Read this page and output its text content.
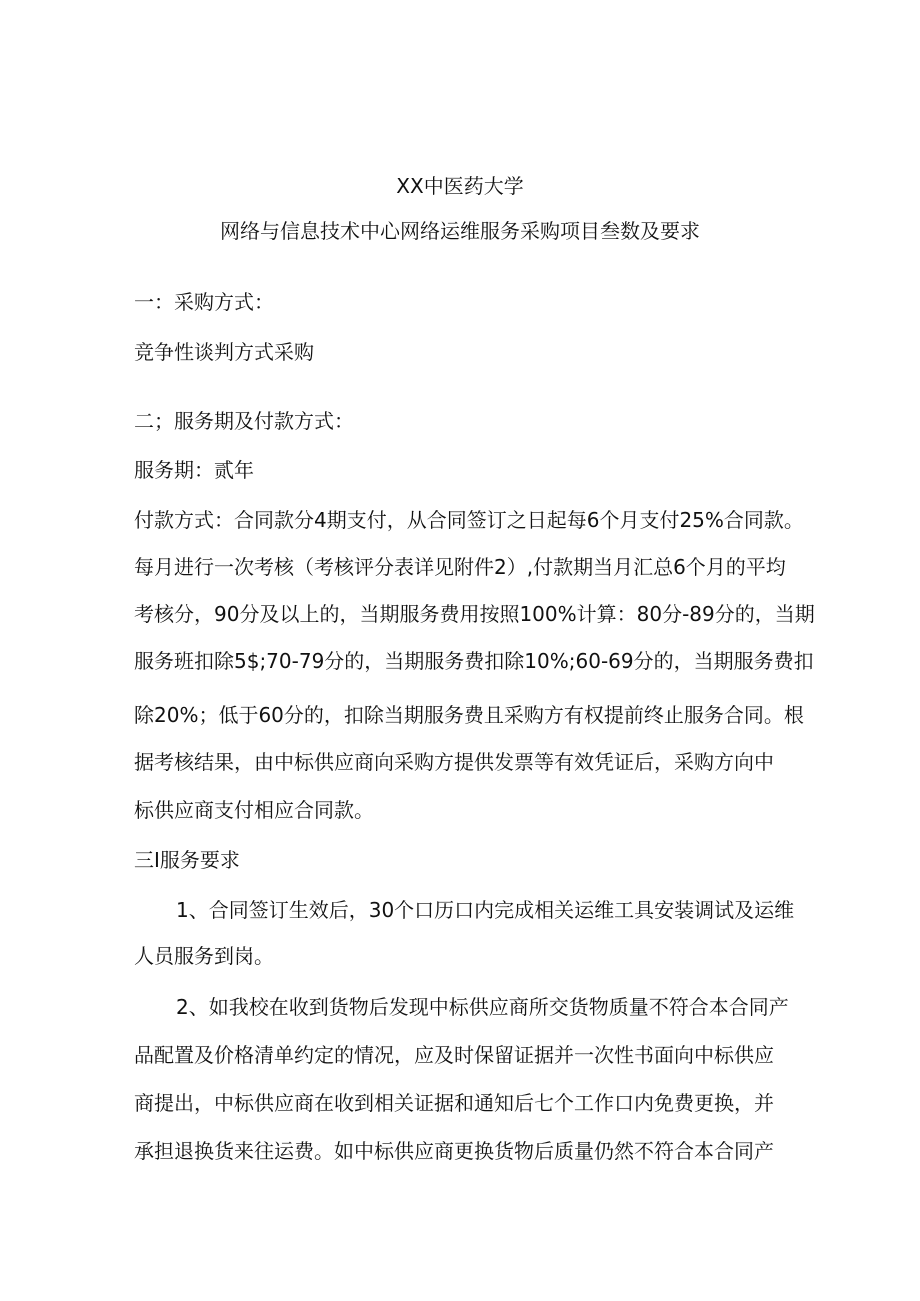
XX中医药大学
网络与信息技术中心网络运维服务采购项目叁数及要求
一：采购方式：
竞争性谈判方式采购
二；服务期及付款方式：
服务期：贰年
付款方式：合同款分4期支付，从合同签订之日起每6个月支付25%合同款。
每月进行一次考核（考核评分表详见附件2）,付款期当月汇总6个月的平均
考核分，90分及以上的，当期服务费用按照100%计算：80分-89分的，当期
服务班扣除5$;70-79分的，当期服务费扣除10%;60-69分的，当期服务费扣
除20%；低于60分的，扣除当期服务费且采购方有权提前终止服务合同。根
据考核结果，由中标供应商向采购方提供发票等有效凭证后，采购方向中
标供应商支付相应合同款。
三I服务要求
1、合同签订生效后，30个口历口内完成相关运维工具安装调试及运维
人员服务到岗。
2、如我校在收到货物后发现中标供应商所交货物质量不符合本合同产
品配置及价格清单约定的情况，应及时保留证据并一次性书面向中标供应
商提出，中标供应商在收到相关证据和通知后七个工作口内免费更换，并
承担退换货来往运费。如中标供应商更换货物后质量仍然不符合本合同产
